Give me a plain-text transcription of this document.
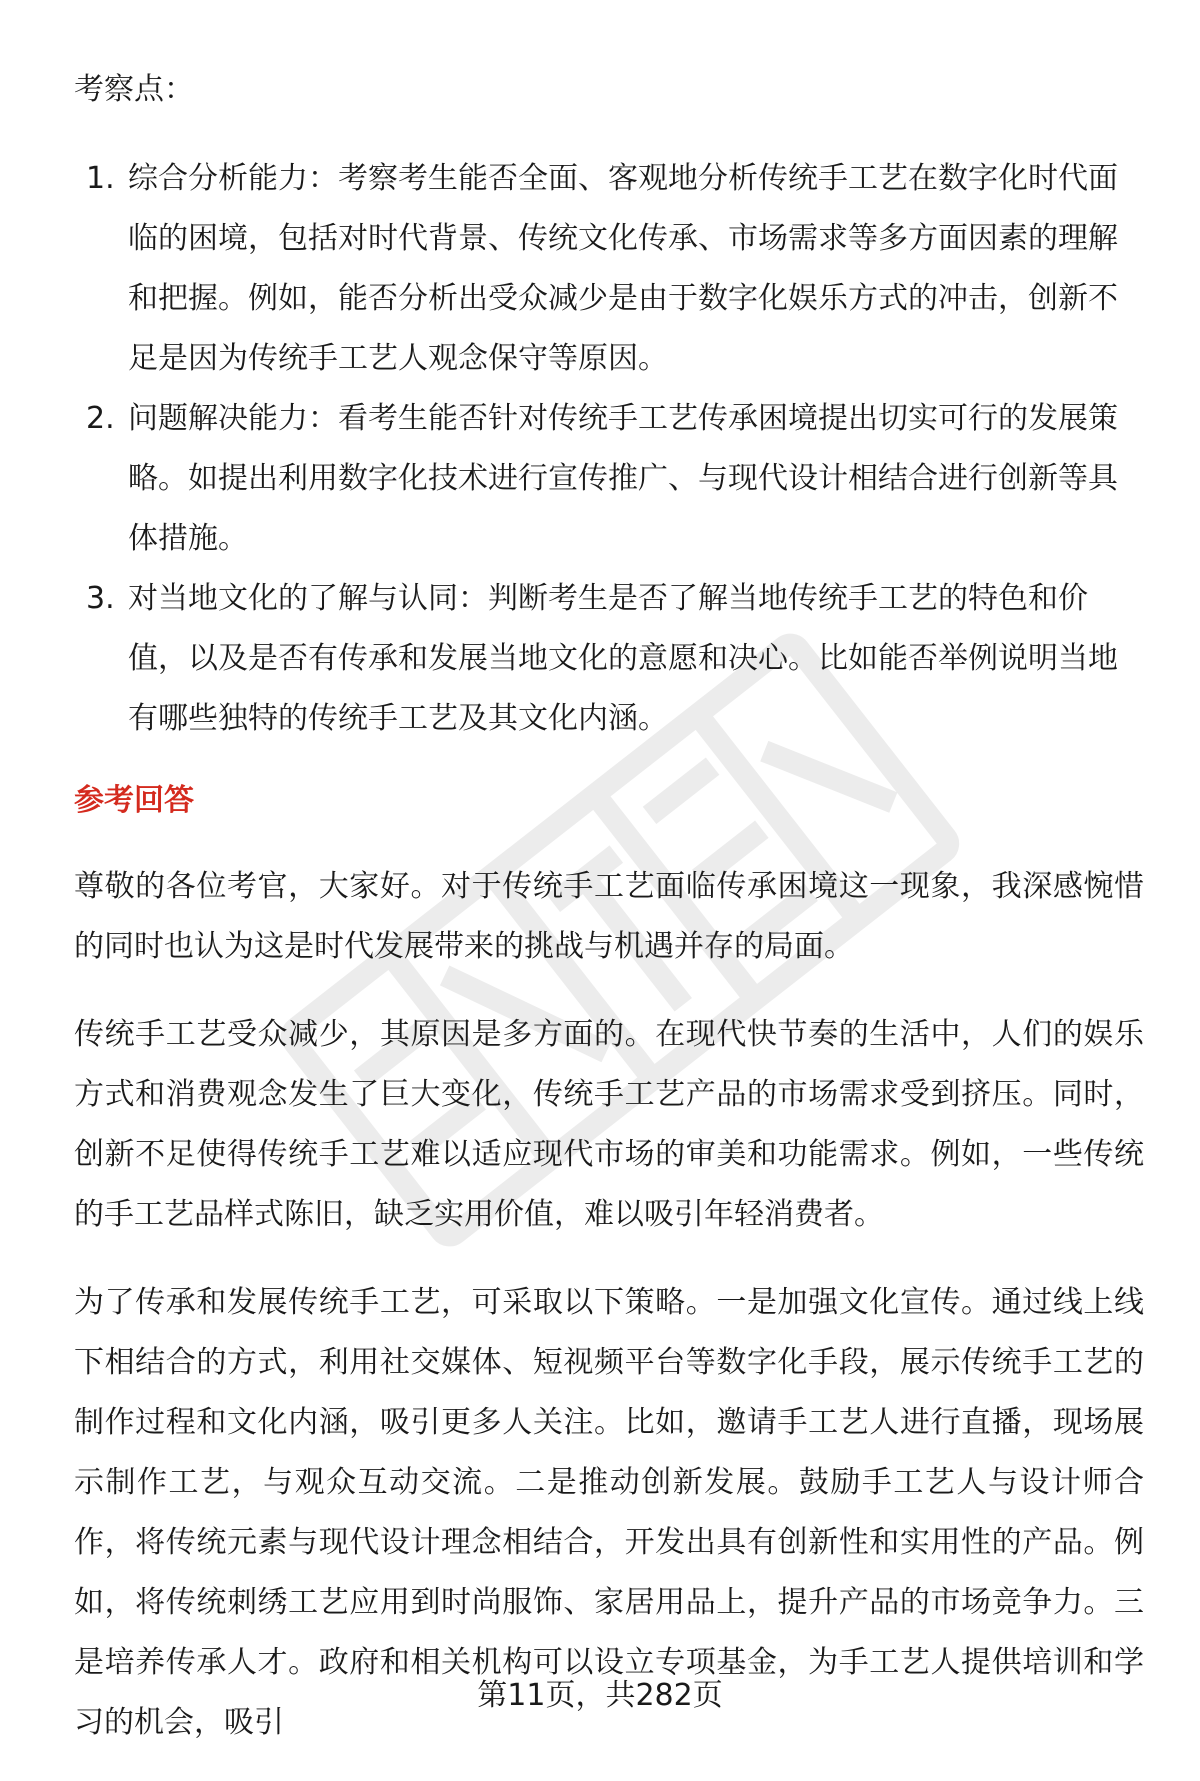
考察点：

1. 综合分析能力：考察考生能否全面、客观地分析传统手工艺在数字化时代面临的困境，包括对时代背景、传统文化传承、市场需求等多方面因素的理解和把握。例如，能否分析出受众减少是由于数字化娱乐方式的冲击，创新不足是因为传统手工艺人观念保守等原因。
2. 问题解决能力：看考生能否针对传统手工艺传承困境提出切实可行的发展策略。如提出利用数字化技术进行宣传推广、与现代设计相结合进行创新等具体措施。
3. 对当地文化的了解与认同：判断考生是否了解当地传统手工艺的特色和价值，以及是否有传承和发展当地文化的意愿和决心。比如能否举例说明当地有哪些独特的传统手工艺及其文化内涵。
参考回答

尊敬的各位考官，大家好。对于传统手工艺面临传承困境这一现象，我深感惋惜的同时也认为这是时代发展带来的挑战与机遇并存的局面。

传统手工艺受众减少，其原因是多方面的。在现代快节奏的生活中，人们的娱乐方式和消费观念发生了巨大变化，传统手工艺产品的市场需求受到挤压。同时，创新不足使得传统手工艺难以适应现代市场的审美和功能需求。例如，一些传统的手工艺品样式陈旧，缺乏实用价值，难以吸引年轻消费者。

为了传承和发展传统手工艺，可采取以下策略。一是加强文化宣传。通过线上线下相结合的方式，利用社交媒体、短视频平台等数字化手段，展示传统手工艺的制作过程和文化内涵，吸引更多人关注。比如，邀请手工艺人进行直播，现场展示制作工艺，与观众互动交流。二是推动创新发展。鼓励手工艺人与设计师合作，将传统元素与现代设计理念相结合，开发出具有创新性和实用性的产品。例如，将传统刺绣工艺应用到时尚服饰、家居用品上，提升产品的市场竞争力。三是培养传承人才。政府和相关机构可以设立专项基金，为手工艺人提供培训和学习的机会，吸引

第11页，共282页
